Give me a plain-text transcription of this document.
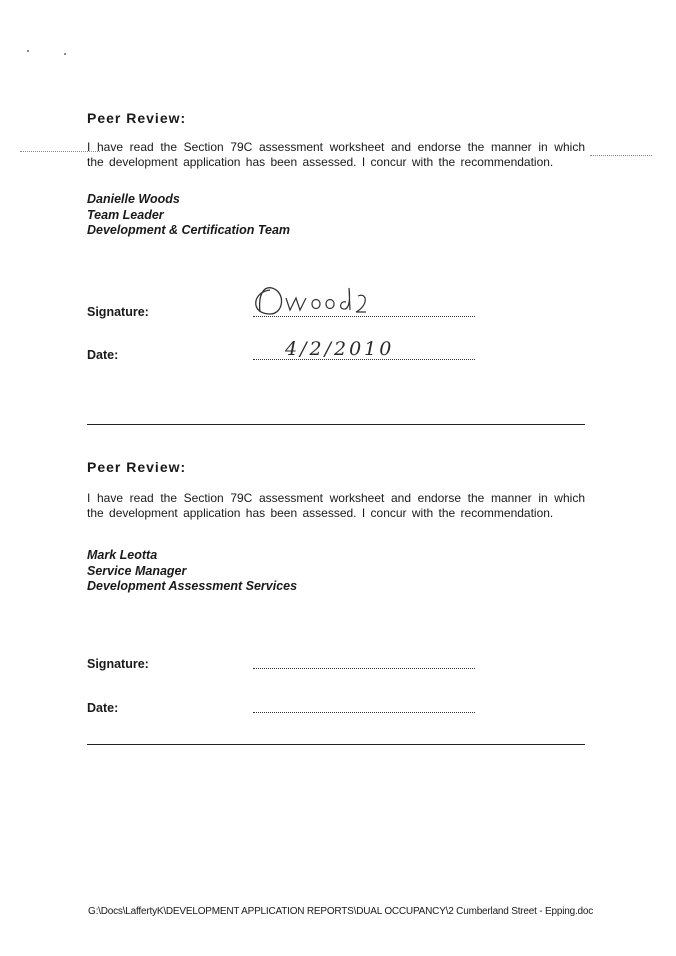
Peer Review:

I have read the Section 79C assessment worksheet and endorse the manner in which the development application has been assessed. I concur with the recommendation.

Danielle Woods
Team Leader
Development & Certification Team
Signature:
Date:	4/2/2010
Peer Review:

I have read the Section 79C assessment worksheet and endorse the manner in which the development application has been assessed. I concur with the recommendation.

Mark Leotta
Service Manager
Development Assessment Services
Signature:
Date:
G:\Docs\LaffertyK\DEVELOPMENT APPLICATION REPORTS\DUAL OCCUPANCY\2 Cumberland Street - Epping.doc
